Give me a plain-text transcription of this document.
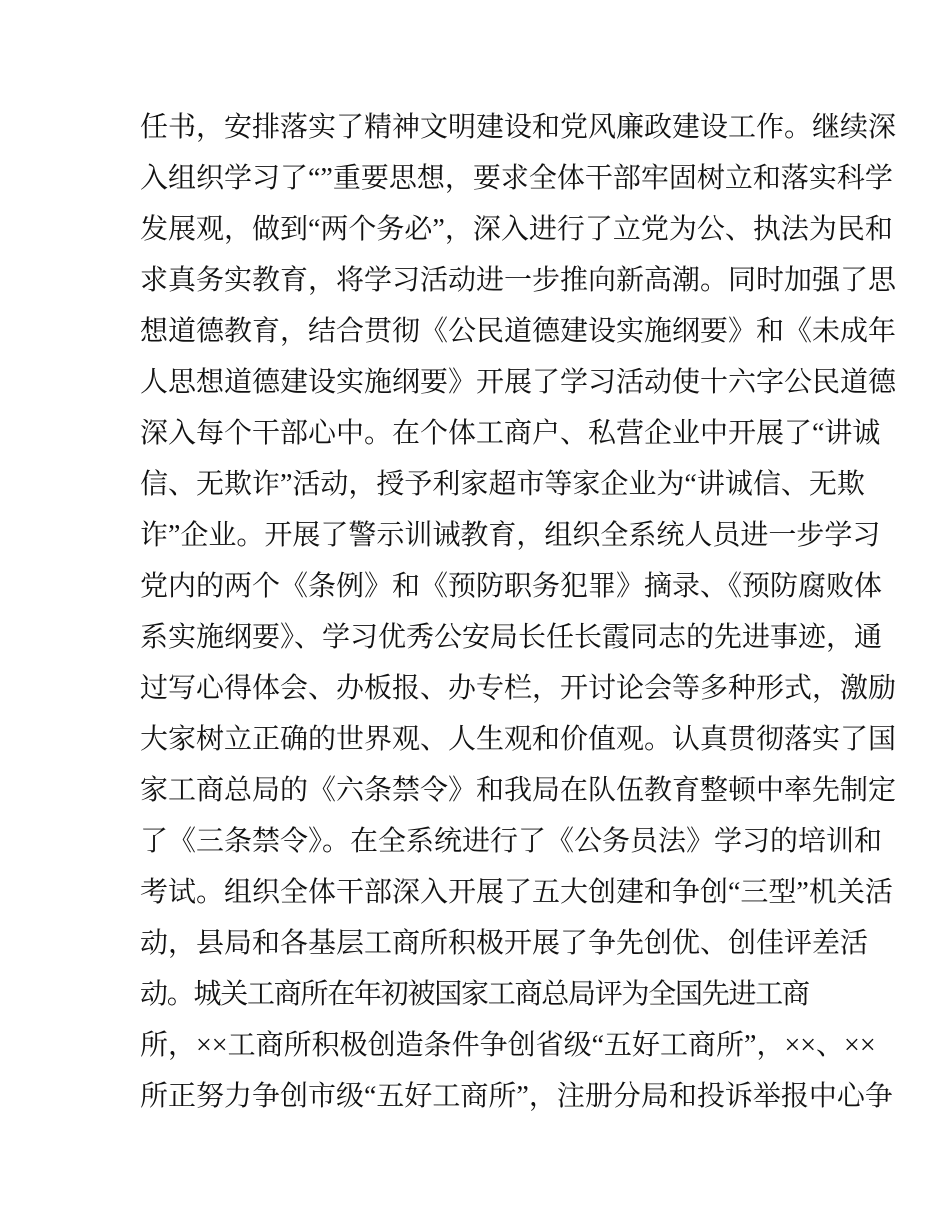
任书，安排落实了精神文明建设和党风廉政建设工作。继续深
入组织学习了“”重要思想，要求全体干部牢固树立和落实科学
发展观，做到“两个务必”，深入进行了立党为公、执法为民和
求真务实教育，将学习活动进一步推向新高潮。同时加强了思
想道德教育，结合贯彻《公民道德建设实施纲要》和《未成年
人思想道德建设实施纲要》开展了学习活动使十六字公民道德
深入每个干部心中。在个体工商户、私营企业中开展了“讲诚
信、无欺诈”活动，授予利家超市等家企业为“讲诚信、无欺
诈”企业。开展了警示训诫教育，组织全系统人员进一步学习
党内的两个《条例》和《预防职务犯罪》摘录、《预防腐败体
系实施纲要》、学习优秀公安局长任长霞同志的先进事迹，通
过写心得体会、办板报、办专栏，开讨论会等多种形式，激励
大家树立正确的世界观、人生观和价值观。认真贯彻落实了国
家工商总局的《六条禁令》和我局在队伍教育整顿中率先制定
了《三条禁令》。在全系统进行了《公务员法》学习的培训和
考试。组织全体干部深入开展了五大创建和争创“三型”机关活
动，县局和各基层工商所积极开展了争先创优、创佳评差活
动。城关工商所在年初被国家工商总局评为全国先进工商
所，××工商所积极创造条件争创省级“五好工商所”，××、××
所正努力争创市级“五好工商所”，注册分局和投诉举报中心争
